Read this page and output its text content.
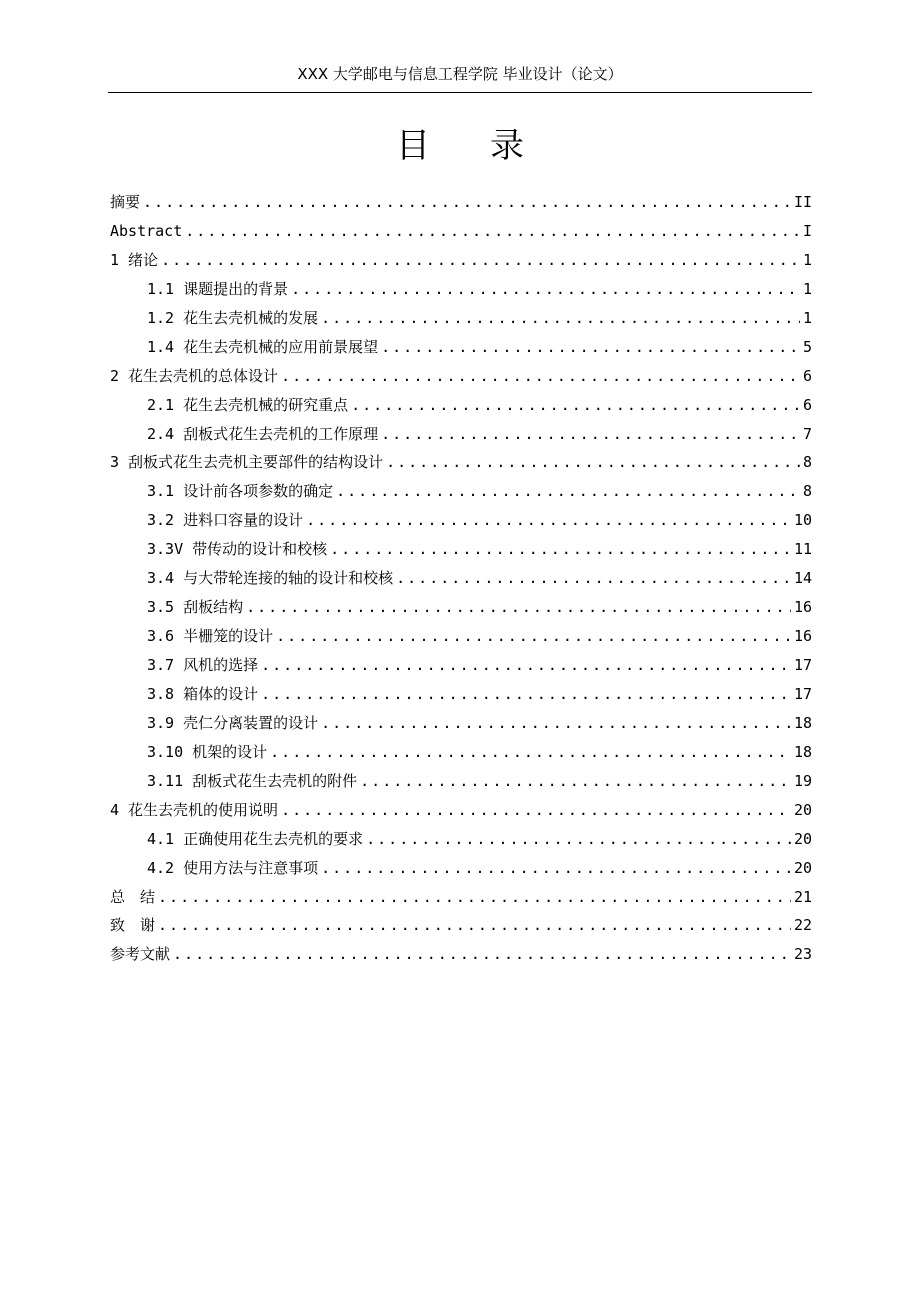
XXX 大学邮电与信息工程学院 毕业设计（论文）
目录
摘要 .....	II
Abstract .....	I
1 绪论 .....	1
1.1 课题提出的背景 .....	1
1.2 花生去壳机械的发展 .....	1
1.4 花生去壳机械的应用前景展望 .....	5
2 花生去壳机的总体设计 .....	6
2.1 花生去壳机械的研究重点 .....	6
2.4 刮板式花生去壳机的工作原理 .....	7
3 刮板式花生去壳机主要部件的结构设计 .....	8
3.1 设计前各项参数的确定 .....	8
3.2 进料口容量的设计 .....	10
3.3V 带传动的设计和校核 .....	11
3.4 与大带轮连接的轴的设计和校核 .....	14
3.5 刮板结构 .....	16
3.6 半栅笼的设计 .....	16
3.7 风机的选择 .....	17
3.8 箱体的设计 .....	17
3.9 壳仁分离装置的设计 .....	18
3.10 机架的设计 .....	18
3.11 刮板式花生去壳机的附件 .....	19
4 花生去壳机的使用说明 .....	20
4.1 正确使用花生去壳机的要求 .....	20
4.2 使用方法与注意事项 .....	20
总　结 .....	21
致　谢 .....	22
参考文献 .....	23
